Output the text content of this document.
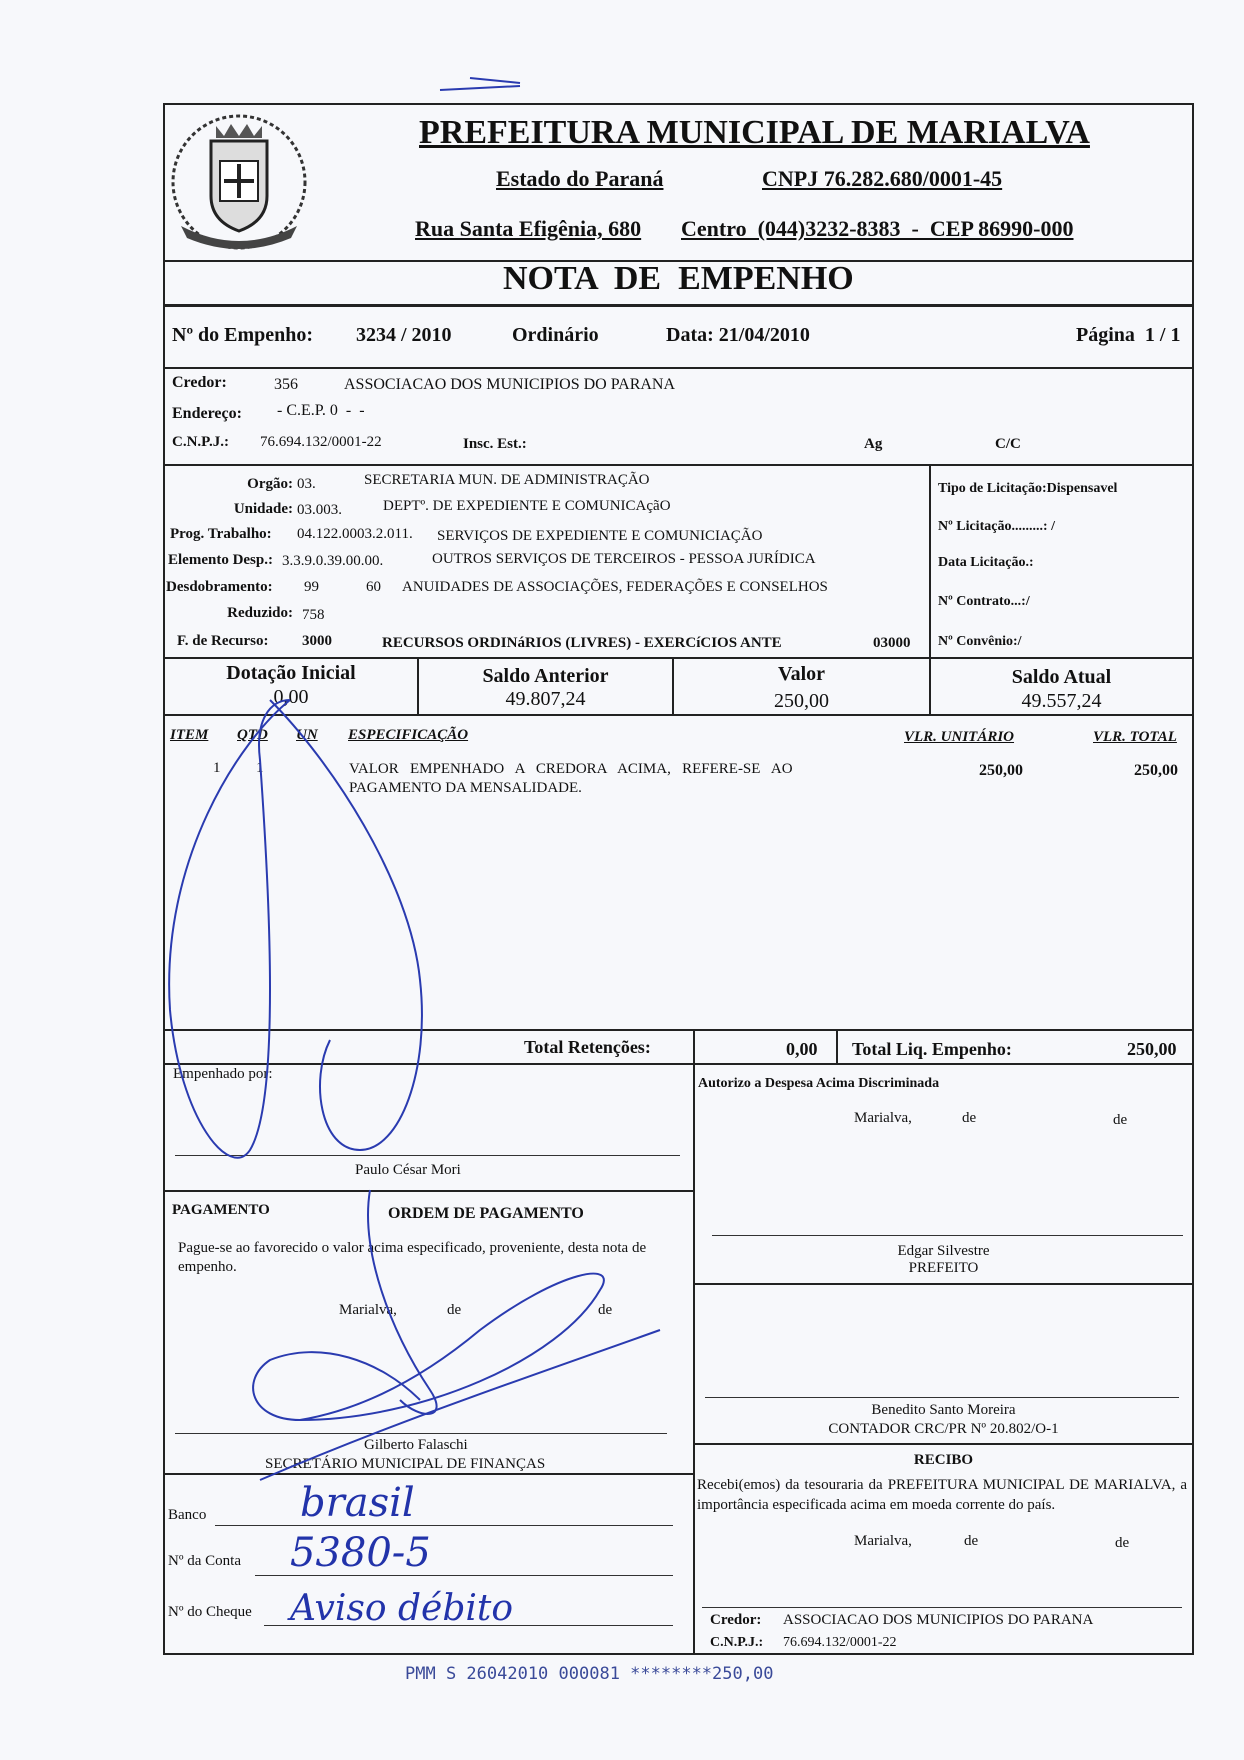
PREFEITURA MUNICIPAL DE MARIALVA
Estado do Paraná	CNPJ 76.282.680/0001-45
Rua Santa Efigênia, 680 Centro  (044)3232-8383  -  CEP 86990-000
NOTA  DE  EMPENHO
Nº do Empenho: 3234 / 2010	Ordinário	Data: 21/04/2010	Página  1 / 1
Credor:	356	ASSOCIACAO DOS MUNICIPIOS DO PARANA
Endereço: - C.E.P. 0  -  -
C.N.P.J.: 76.694.132/0001-22	Insc. Est.:	Ag	C/C
Orgão: 03.	SECRETARIA MUN. DE ADMINISTRAÇÃO
Unidade: 03.003.	DEPTº. DE EXPEDIENTE E COMUNICAçãO
Prog. Trabalho: 04.122.0003.2.011. SERVIÇOS DE EXPEDIENTE E COMUNICIAÇÃO
Elemento Desp.: 3.3.9.0.39.00.00.	OUTROS SERVIÇOS DE TERCEIROS - PESSOA JURÍDICA
Desdobramento: 99	60 ANUIDADES DE ASSOCIAÇÕES, FEDERAÇÕES E CONSELHOS
Reduzido: 758
F. de Recurso: 3000	RECURSOS ORDINáRIOS (LIVRES) - EXERCíCIOS ANTE	03000
Tipo de Licitação:Dispensavel
Nº Licitação.........: /
Data Licitação.:
Nº Contrato...:/
Nº Convênio:/
Dotação Inicial
0,00
Saldo Anterior
49.807,24
Valor
250,00
Saldo Atual
49.557,24
ITEM QTD UN ESPECIFICAÇÃO	VLR. UNITÁRIO	VLR. TOTAL
1 1	VALOR   EMPENHADO   A   CREDORA   ACIMA,   REFERE-SE   AO
PAGAMENTO DA MENSALIDADE.
250,00	250,00
Total Retenções:	0,00 Total Liq. Empenho:	250,00
Empenhado por:
Paulo César Mori
Autorizo a Despesa Acima Discriminada
Marialva,	de	de
Edgar Silvestre
PREFEITO
PAGAMENTO	ORDEM DE PAGAMENTO
Pague-se ao favorecido o valor acima especificado, proveniente, desta nota de empenho.
Marialva,	de	de
Gilberto Falaschi
SECRETÁRIO MUNICIPAL DE FINANÇAS
Banco brasil
Nº da Conta 5380-5
Nº do Cheque Aviso débito
Benedito Santo Moreira
CONTADOR CRC/PR Nº 20.802/O-1
RECIBO
Recebi(emos) da tesouraria da PREFEITURA MUNICIPAL DE MARIALVA, a importância especificada acima em moeda corrente do país.
Marialva,	de	de
Credor: ASSOCIACAO DOS MUNICIPIOS DO PARANA
C.N.P.J.: 76.694.132/0001-22
PMM S 26042010 000081 ********250,00
